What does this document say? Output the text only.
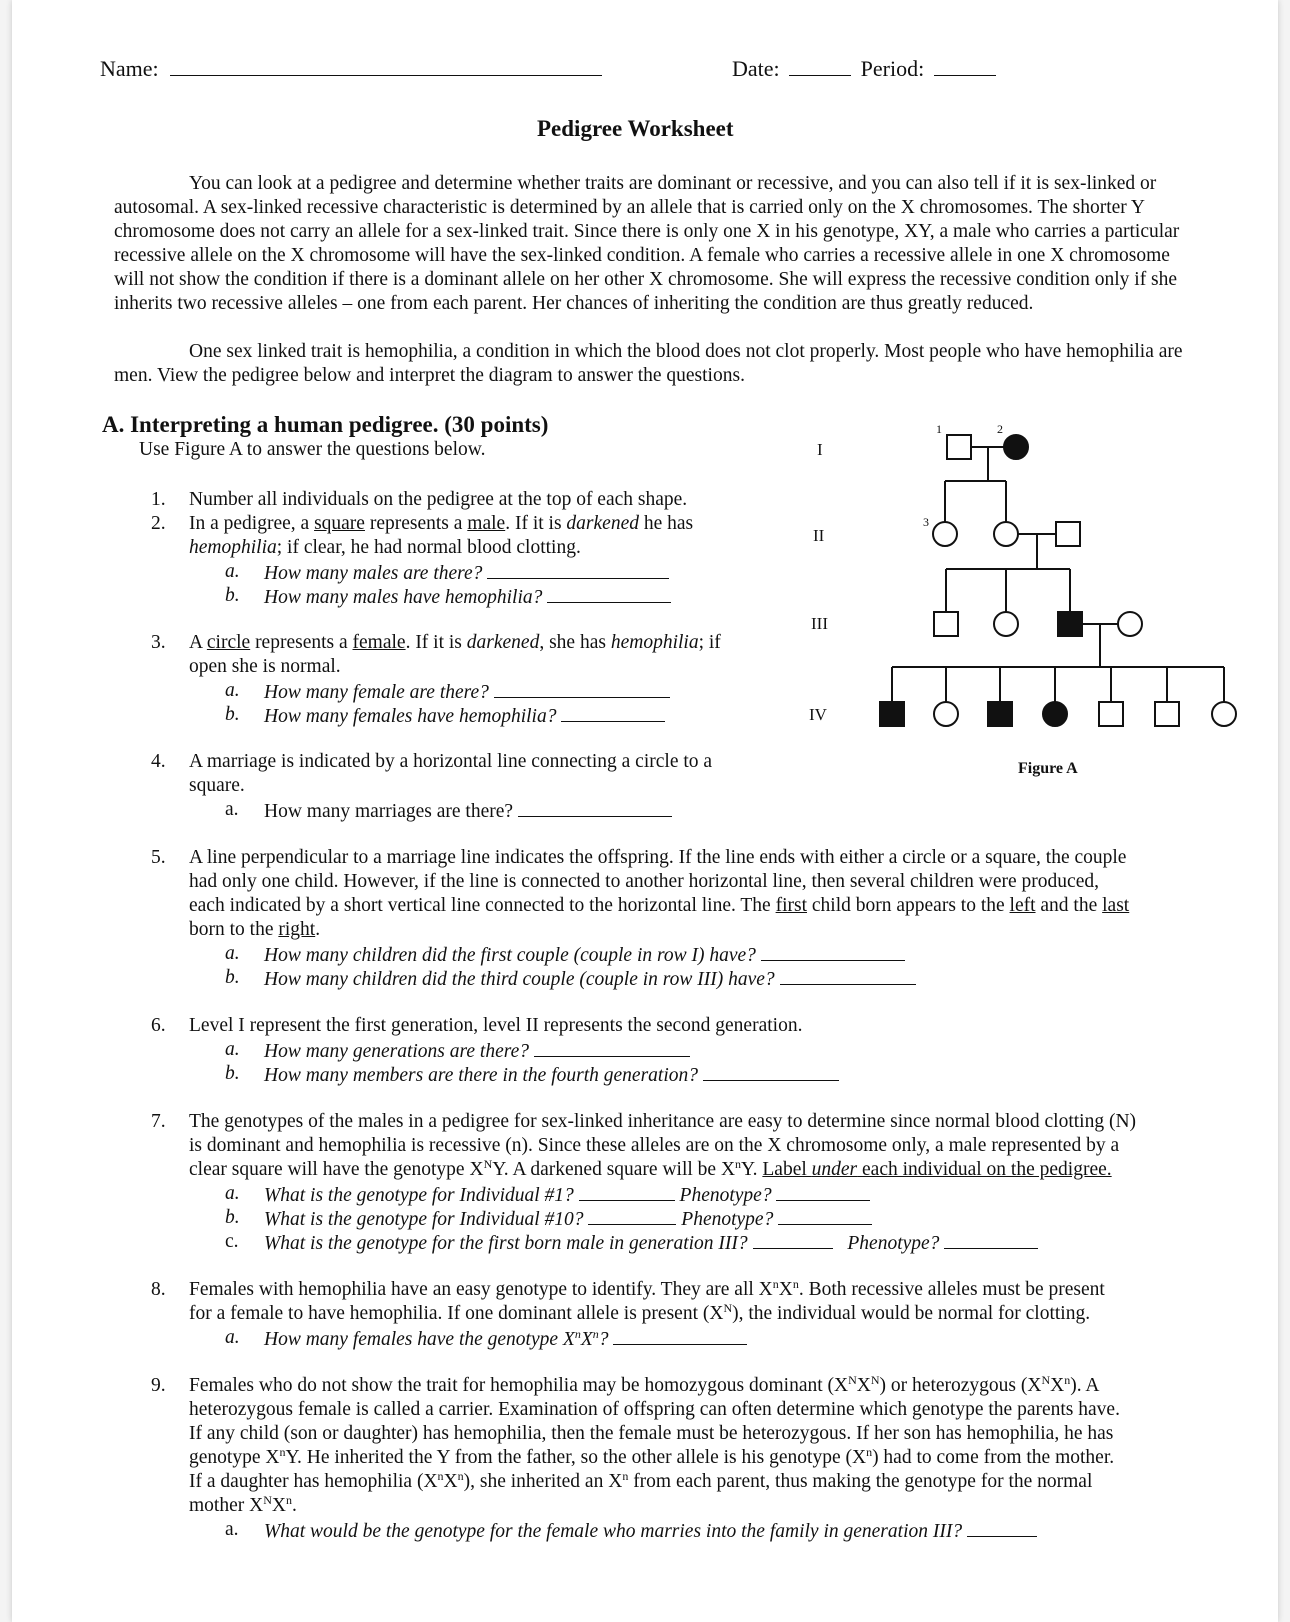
Name:	Date:	Period:
Pedigree Worksheet
You can look at a pedigree and determine whether traits are dominant or recessive, and you can also tell if it is sex-linked or autosomal. A sex-linked recessive characteristic is determined by an allele that is carried only on the X chromosomes. The shorter Y chromosome does not carry an allele for a sex-linked trait. Since there is only one X in his genotype, XY, a male who carries a particular recessive allele on the X chromosome will have the sex-linked condition. A female who carries a recessive allele in one X chromosome will not show the condition if there is a dominant allele on her other X chromosome. She will express the recessive condition only if she inherits two recessive alleles – one from each parent. Her chances of inheriting the condition are thus greatly reduced.
One sex linked trait is hemophilia, a condition in which the blood does not clot properly. Most people who have hemophilia are men. View the pedigree below and interpret the diagram to answer the questions.
A. Interpreting a human pedigree. (30 points)
Use Figure A to answer the questions below.
1. Number all individuals on the pedigree at the top of each shape.
2. In a pedigree, a square represents a male. If it is darkened he has
hemophilia; if clear, he had normal blood clotting.
a. How many males are there?
b. How many males have hemophilia?
3. A circle represents a female. If it is darkened, she has hemophilia; if
open she is normal.
a. How many female are there?
b. How many females have hemophilia?
4. A marriage is indicated by a horizontal line connecting a circle to a
square.
a. How many marriages are there?
5. A line perpendicular to a marriage line indicates the offspring. If the line ends with either a circle or a square, the couple
had only one child. However, if the line is connected to another horizontal line, then several children were produced,
each indicated by a short vertical line connected to the horizontal line. The first child born appears to the left and the last
born to the right.
a. How many children did the first couple (couple in row I) have?
b. How many children did the third couple (couple in row III) have?
6. Level I represent the first generation, level II represents the second generation.
a. How many generations are there?
b. How many members are there in the fourth generation?
7. The genotypes of the males in a pedigree for sex-linked inheritance are easy to determine since normal blood clotting (N)
is dominant and hemophilia is recessive (n). Since these alleles are on the X chromosome only, a male represented by a
clear square will have the genotype $X^NY$. A darkened square will be $X^nY$. Label under each individual on the pedigree.
a. What is the genotype for Individual #1?	Phenotype?
b. What is the genotype for Individual #10?	Phenotype?
c. What is the genotype for the first born male in generation III?	Phenotype?
8. Females with hemophilia have an easy genotype to identify. They are all $X^nX^n$. Both recessive alleles must be present
for a female to have hemophilia. If one dominant allele is present $(X^N)$, the individual would be normal for clotting.
a. How many females have the genotype $X^nX^n$?
9. Females who do not show the trait for hemophilia may be homozygous dominant $(X^NX^N)$ or heterozygous $(X^NX^n)$. A
heterozygous female is called a carrier. Examination of offspring can often determine which genotype the parents have.
If any child (son or daughter) has hemophilia, then the female must be heterozygous. If her son has hemophilia, he has
genotype $X^nY$. He inherited the Y from the father, so the other allele is his genotype $(X^n)$ had to come from the mother.
If a daughter has hemophilia $(X^nX^n)$, she inherited an $X^n$ from each parent, thus making the genotype for the normal
mother $X^NX^n$.
a. What would be the genotype for the female who marries into the family in generation III?
I
II
III
IV
1	2
3
Figure A
